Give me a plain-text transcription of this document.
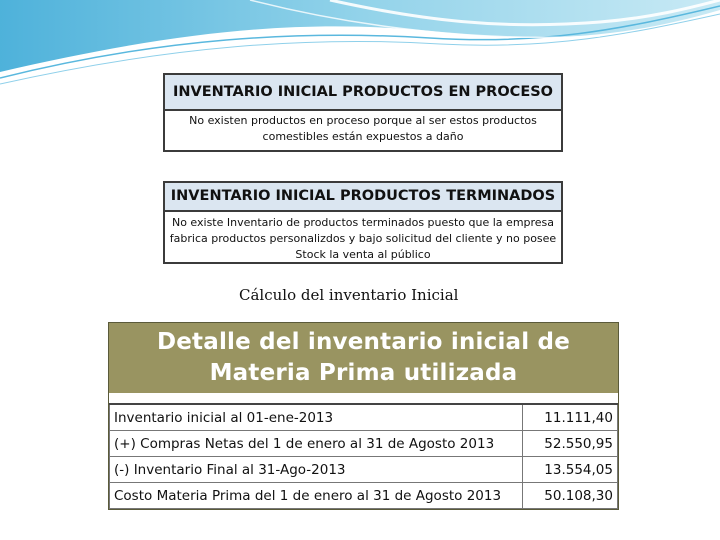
INVENTARIO INICIAL PRODUCTOS EN PROCESO
No existen productos en proceso porque al ser estos productos comestibles están expuestos a daño
INVENTARIO INICIAL PRODUCTOS TERMINADOS
No existe Inventario de productos terminados puesto que la empresa fabrica productos personalizdos y bajo solicitud del cliente y no posee Stock la venta al público
Cálculo del inventario Inicial
Detalle del inventario inicial de Materia Prima utilizada
Inventario inicial al 01-ene-2013	11.111,40
(+) Compras Netas del 1 de enero al 31 de Agosto 2013	52.550,95
(-) Inventario Final al 31-Ago-2013	13.554,05
Costo Materia Prima del 1 de enero al 31 de Agosto 2013	50.108,30
